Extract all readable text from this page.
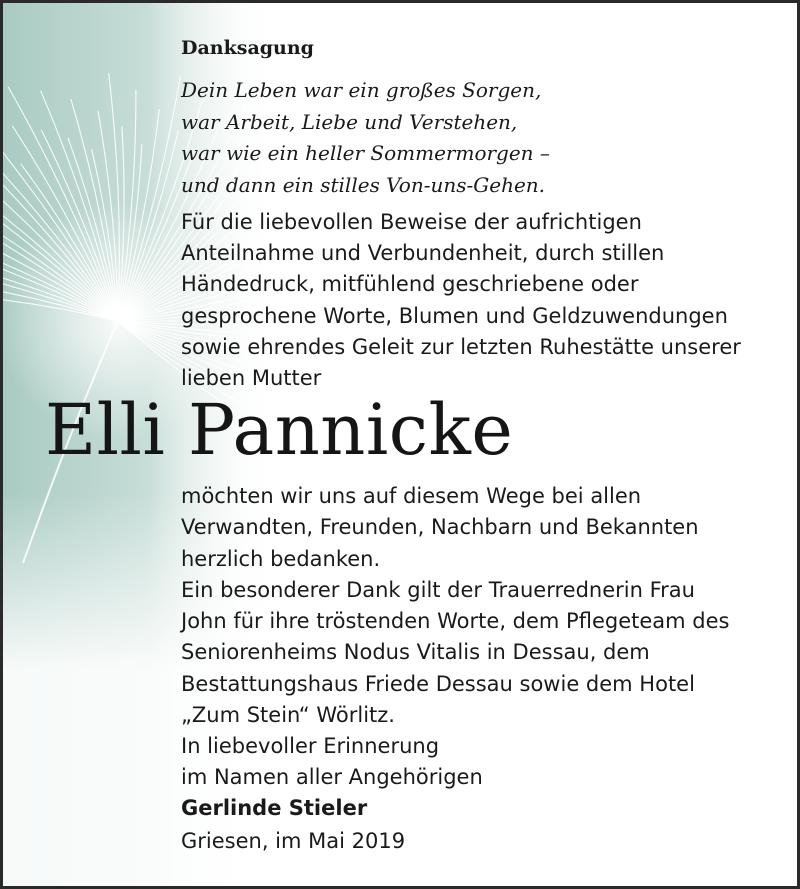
Danksagung
Dein Leben war ein großes Sorgen,
war Arbeit, Liebe und Verstehen,
war wie ein heller Sommermorgen –
und dann ein stilles Von-uns-Gehen.
Für die liebevollen Beweise der aufrichtigen
Anteilnahme und Verbundenheit, durch stillen
Händedruck, mitfühlend geschriebene oder
gesprochene Worte, Blumen und Geldzuwendungen
sowie ehrendes Geleit zur letzten Ruhestätte unserer
lieben Mutter
Elli Pannicke
möchten wir uns auf diesem Wege bei allen
Verwandten, Freunden, Nachbarn und Bekannten
herzlich bedanken.
Ein besonderer Dank gilt der Trauerrednerin Frau
John für ihre tröstenden Worte, dem Pflegeteam des
Seniorenheims Nodus Vitalis in Dessau, dem
Bestattungshaus Friede Dessau sowie dem Hotel
„Zum Stein“ Wörlitz.
In liebevoller Erinnerung
im Namen aller Angehörigen
Gerlinde Stieler
Griesen, im Mai 2019
